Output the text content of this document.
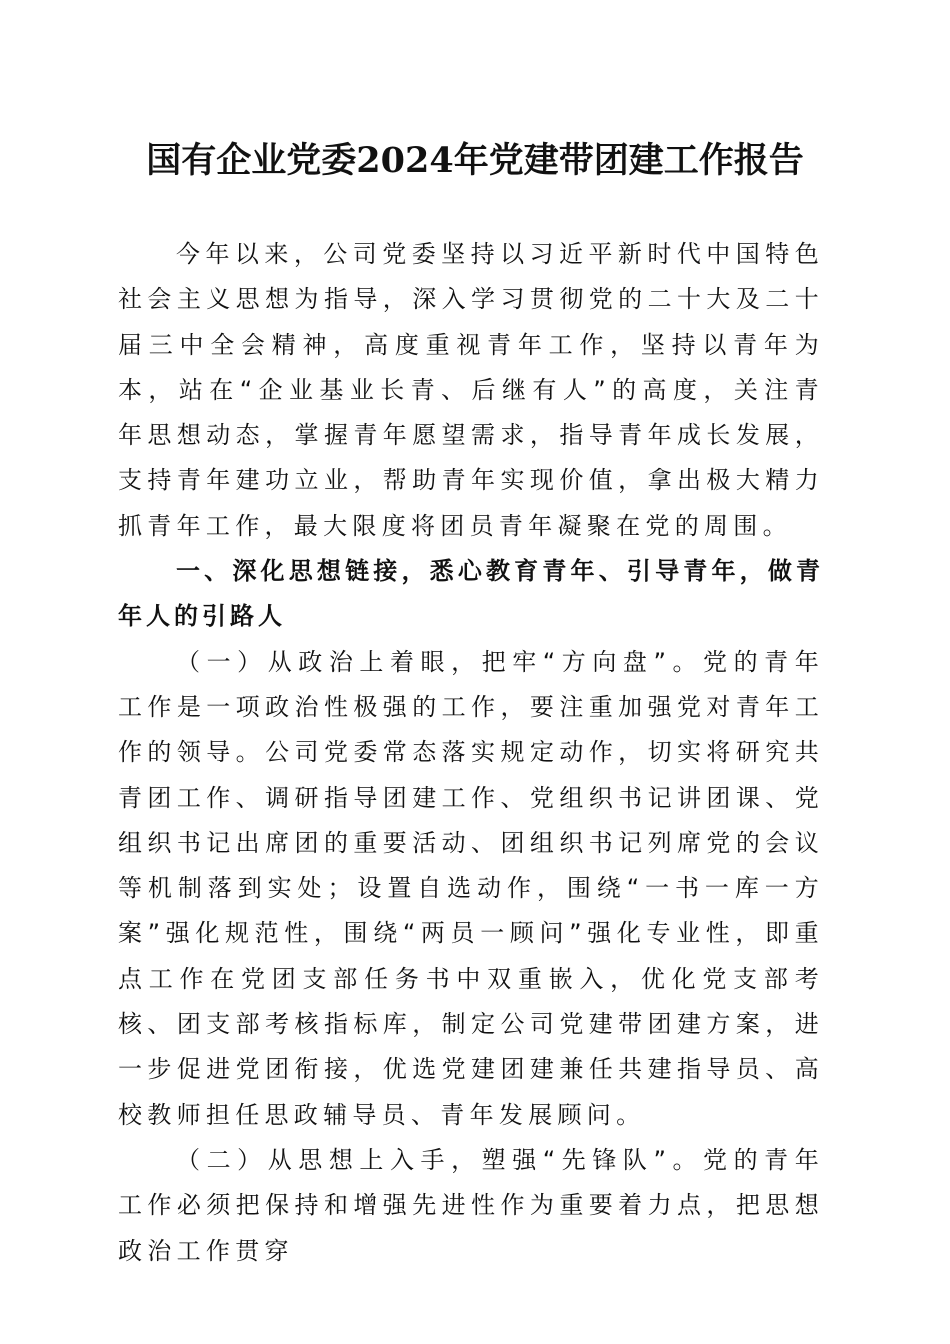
国有企业党委2024年党建带团建工作报告

今年以来，公司党委坚持以习近平新时代中国特色社会主义思想为指导，深入学习贯彻党的二十大及二十届三中全会精神，高度重视青年工作，坚持以青年为本，站在“企业基业长青、后继有人”的高度，关注青年思想动态，掌握青年愿望需求，指导青年成长发展，支持青年建功立业，帮助青年实现价值，拿出极大精力抓青年工作，最大限度将团员青年凝聚在党的周围。

一、深化思想链接，悉心教育青年、引导青年，做青年人的引路人

（一）从政治上着眼，把牢“方向盘”。党的青年工作是一项政治性极强的工作，要注重加强党对青年工作的领导。公司党委常态落实规定动作，切实将研究共青团工作、调研指导团建工作、党组织书记讲团课、党组织书记出席团的重要活动、团组织书记列席党的会议等机制落到实处；设置自选动作，围绕“一书一库一方案”强化规范性，围绕“两员一顾问”强化专业性，即重点工作在党团支部任务书中双重嵌入，优化党支部考核、团支部考核指标库，制定公司党建带团建方案，进一步促进党团衔接，优选党建团建兼任共建指导员、高校教师担任思政辅导员、青年发展顾问。

（二）从思想上入手，塑强“先锋队”。党的青年工作必须把保持和增强先进性作为重要着力点，把思想政治工作贯穿
